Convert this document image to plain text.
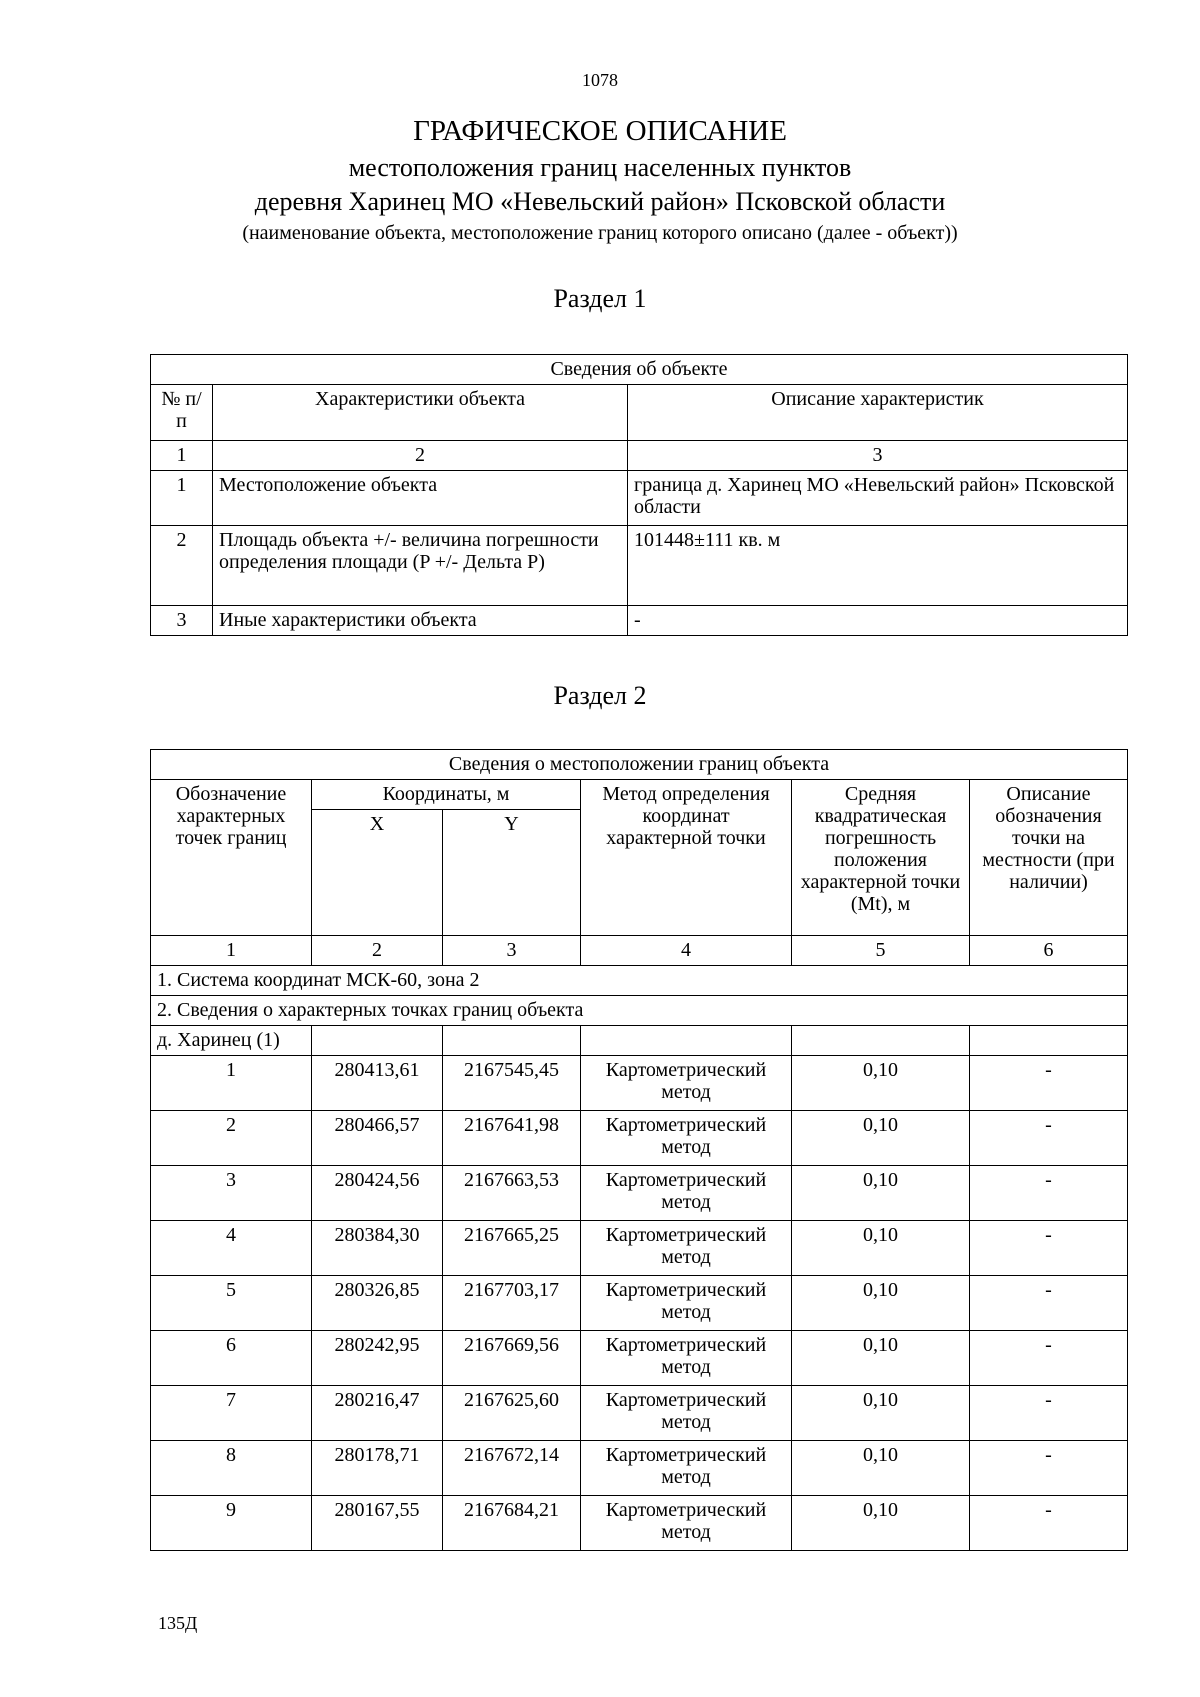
1078
ГРАФИЧЕСКОЕ ОПИСАНИЕ
местоположения границ населенных пунктов
деревня Харинец МО «Невельский район» Псковской области
(наименование объекта, местоположение границ которого описано (далее - объект))
Раздел 1
Сведения об объекте		
№ п/п	Характеристики объекта	Описание характеристик
1	2	3
1	Местоположение объекта	граница д. Харинец МО «Невельский район» Псковской области
2	Площадь объекта +/- величина погрешности определения площади (P +/- Дельта P)	101448±111 кв. м
3	Иные характеристики объекта	-
Раздел 2
Сведения о местоположении границ объекта					
Обозначение характерных точек границ	Координаты, м		Метод определения координат характерной точки	Средняя квадратическая погрешность положения характерной точки (Mt), м	Описание обозначения точки на местности (при наличии)
	X	Y			
1	2	3	4	5	6
1. Система координат МСК-60, зона 2					
2. Сведения о характерных точках границ объекта					
д. Харинец (1)					
1	280413,61	2167545,45	Картометрический метод	0,10	-
2	280466,57	2167641,98	Картометрический метод	0,10	-
3	280424,56	2167663,53	Картометрический метод	0,10	-
4	280384,30	2167665,25	Картометрический метод	0,10	-
5	280326,85	2167703,17	Картометрический метод	0,10	-
6	280242,95	2167669,56	Картометрический метод	0,10	-
7	280216,47	2167625,60	Картометрический метод	0,10	-
8	280178,71	2167672,14	Картометрический метод	0,10	-
9	280167,55	2167684,21	Картометрический метод	0,10	-
135Д
